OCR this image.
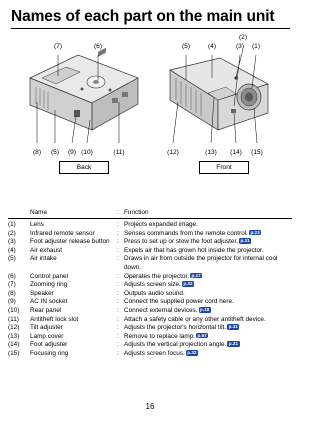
Names of each part on the main unit
(7)	(6)	(5)	(4)
(2)
(3) (1)
(8) (5) (9) (10)	(11)	(12)	(13) (14) (15)
Back	Front
Name	: Function
(1)	Lens	: Projects expanded image.
(2)	Infrared remote sensor	: Senses commands from the remote control. p.23
(3)	Foot adjuster release button	: Press to set up or stow the foot adjuster. p.31
(4)	Air exhaust	: Expels air that has grown hot inside the projector.
(5)	Air intake	: Draws in air from outside the projector for internal cool down.
(6)	Control panel	: Operates the projector. p.17
(7)	Zooming ring	: Adjusts screen size. p.32
(8)	Speaker	: Outputs audio sound.
(9)	AC IN socket	: Connect the supplied power cord here.
(10)	Rear panel	: Connect external devices. p.18
(11)	Antitheft lock slot	: Attach a safety cable or any other antitheft device.
(12)	Tilt adjuster	: Adjusts the projector's horizontal tilt. p.31
(13)	Lamp cover	: Remove to replace lamp. p.57
(14)	Foot adjuster	: Adjusts the vertical projection angle. p.31
(15)	Focusing ring	: Adjusts screen focus. p.32
16
